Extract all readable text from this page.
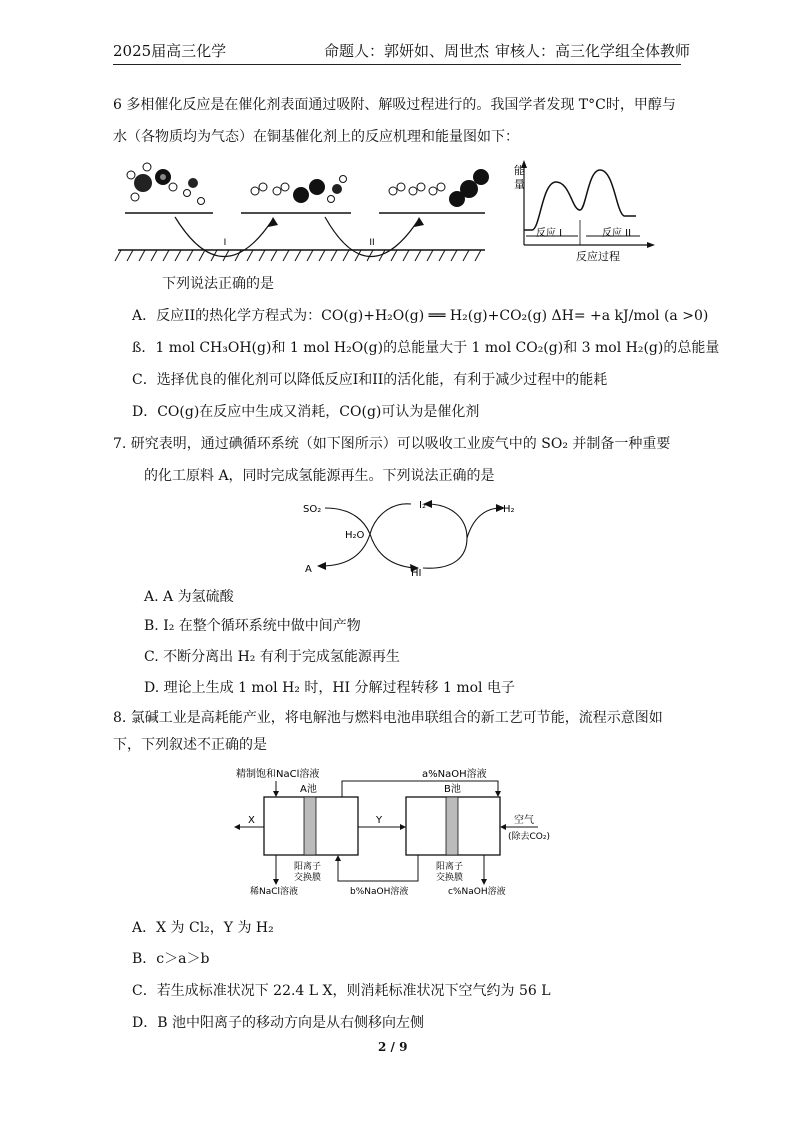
2025届高三化学	命题人：郭妍如、周世杰 审核人：高三化学组全体教师
6 多相催化反应是在催化剂表面通过吸附、解吸过程进行的。我国学者发现 T°C时，甲醇与
水（各物质均为气态）在铜基催化剂上的反应机理和能量图如下：
I	II
能
量
反应 I	反应 II
反应过程
下列说法正确的是
A．反应II的热化学方程式为：CO(g)+H₂O(g) ══ H₂(g)+CO₂(g) ΔH= +a kJ/mol (a >0)
ß．1 mol CH₃OH(g)和 1 mol H₂O(g)的总能量大于 1 mol CO₂(g)和 3 mol H₂(g)的总能量
C．选择优良的催化剂可以降低反应I和II的活化能，有利于减少过程中的能耗
D．CO(g)在反应中生成又消耗，CO(g)可认为是催化剂
7. 研究表明，通过碘循环系统（如下图所示）可以吸收工业废气中的 SO₂ 并制备一种重要
的化工原料 A，同时完成氢能源再生。下列说法正确的是
SO₂
H₂O
A
I₂
HI
H₂
A. A 为氢硫酸
B. I₂ 在整个循环系统中做中间产物
C. 不断分离出 H₂ 有利于完成氢能源再生
D. 理论上生成 1 mol H₂ 时，HI 分解过程转移 1 mol 电子
8. 氯碱工业是高耗能产业，将电解池与燃料电池串联组合的新工艺可节能，流程示意图如
下，下列叙述不正确的是
精制饱和NaCl溶液	a%NaOH溶液
A池	B池
X	Y	空气
(除去CO₂)
阳离子
交换膜
阳离子
交换膜
稀NaCl溶液	b%NaOH溶液	c%NaOH溶液
A．X 为 Cl₂，Y 为 H₂
B．c＞a＞b
C．若生成标准状况下 22.4 L X，则消耗标准状况下空气约为 56 L
D．B 池中阳离子的移动方向是从右侧移向左侧
2 / 9
